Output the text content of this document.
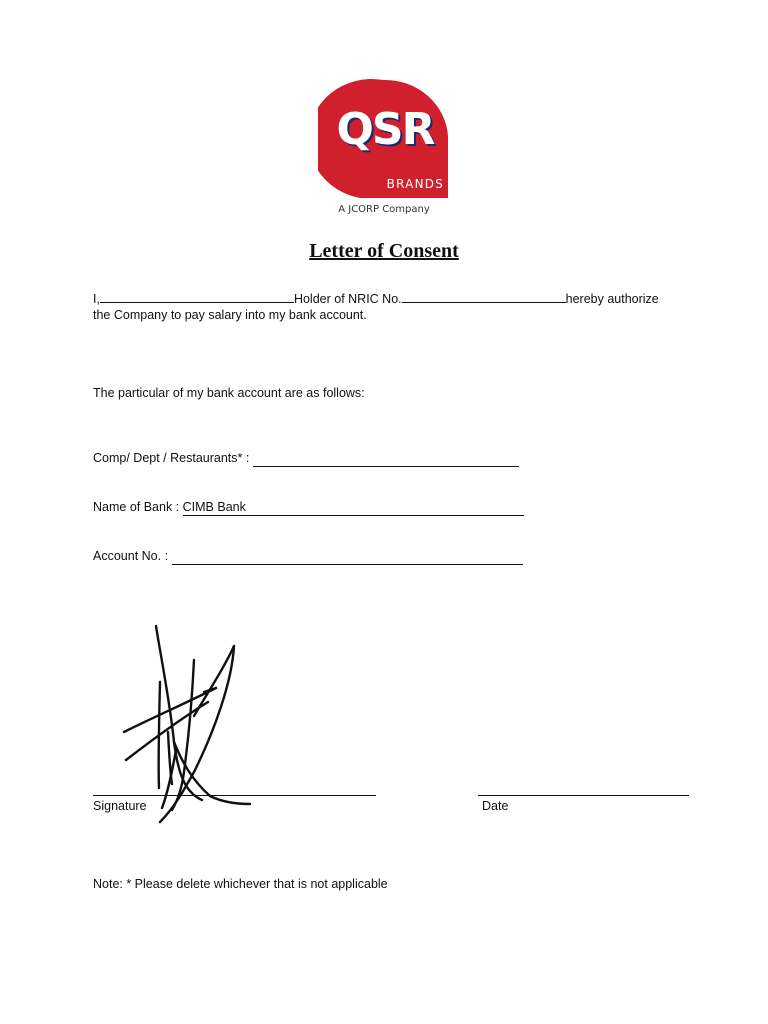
QSR
BRANDS
A JCORP Company
Letter of Consent
I,	Holder of NRIC No.	hereby authorize
the Company to pay salary into my bank account.
The particular of my bank account are as follows:
Comp/ Dept / Restaurants* :
Name of Bank : CIMB Bank
Account No. :
Signature	Date
Note: * Please delete whichever that is not applicable
